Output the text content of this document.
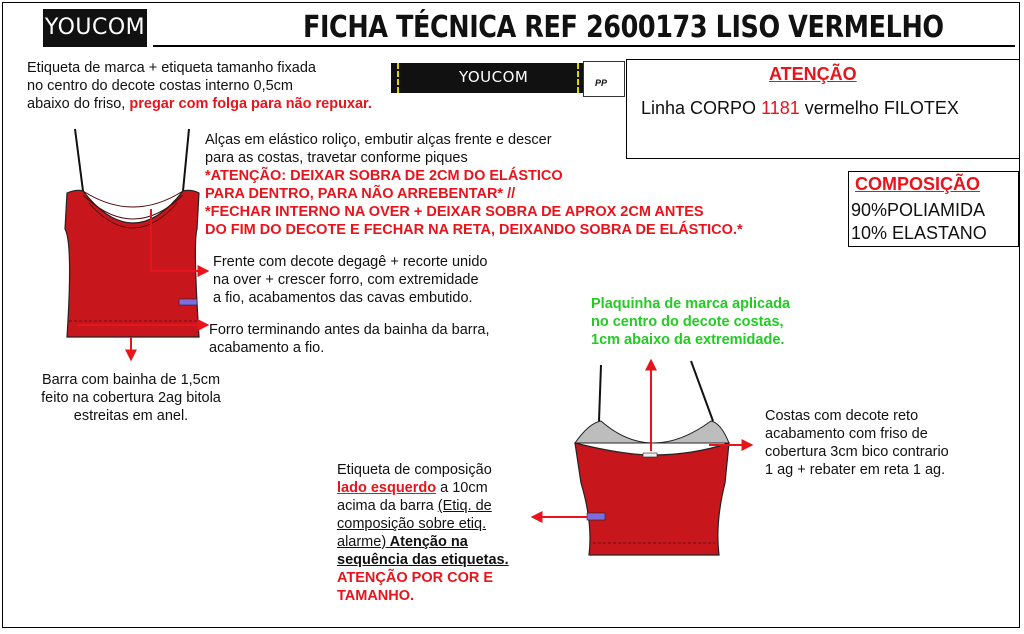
YOUCOM	FICHA TÉCNICA REF 2600173 LISO VERMELHO
YOUCOM	PP	ATENÇÃO
Linha CORPO 1181 vermelho FILOTEX
COMPOSIÇÃO
90%POLIAMIDA
10% ELASTANO
Etiqueta de marca + etiqueta tamanho fixada
no centro do decote costas interno 0,5cm
abaixo do friso, pregar com folga para não repuxar.
Alças em elástico roliço, embutir alças frente e descer
para as costas, travetar conforme piques
*ATENÇÃO: DEIXAR SOBRA DE 2CM DO ELÁSTICO
PARA DENTRO, PARA NÃO ARREBENTAR* //
*FECHAR INTERNO NA OVER + DEIXAR SOBRA DE APROX 2CM ANTES
DO FIM DO DECOTE E FECHAR NA RETA, DEIXANDO SOBRA DE ELÁSTICO.*
Frente com decote degagê + recorte unido
na over + crescer forro, com extremidade
a fio, acabamentos das cavas embutido.
Forro terminando antes da bainha da barra,
acabamento a fio.
Barra com bainha de 1,5cm
feito na cobertura 2ag bitola
estreitas em anel.
Plaquinha de marca aplicada
no centro do decote costas,
1cm abaixo da extremidade.
Costas com decote reto
acabamento com friso de
cobertura 3cm bico contrario
1 ag + rebater em reta 1 ag.
Etiqueta de composição
lado esquerdo a 10cm
acima da barra (Etiq. de
composição sobre etiq.
alarme) Atenção na
sequência das etiquetas.
ATENÇÃO POR COR E
TAMANHO.
